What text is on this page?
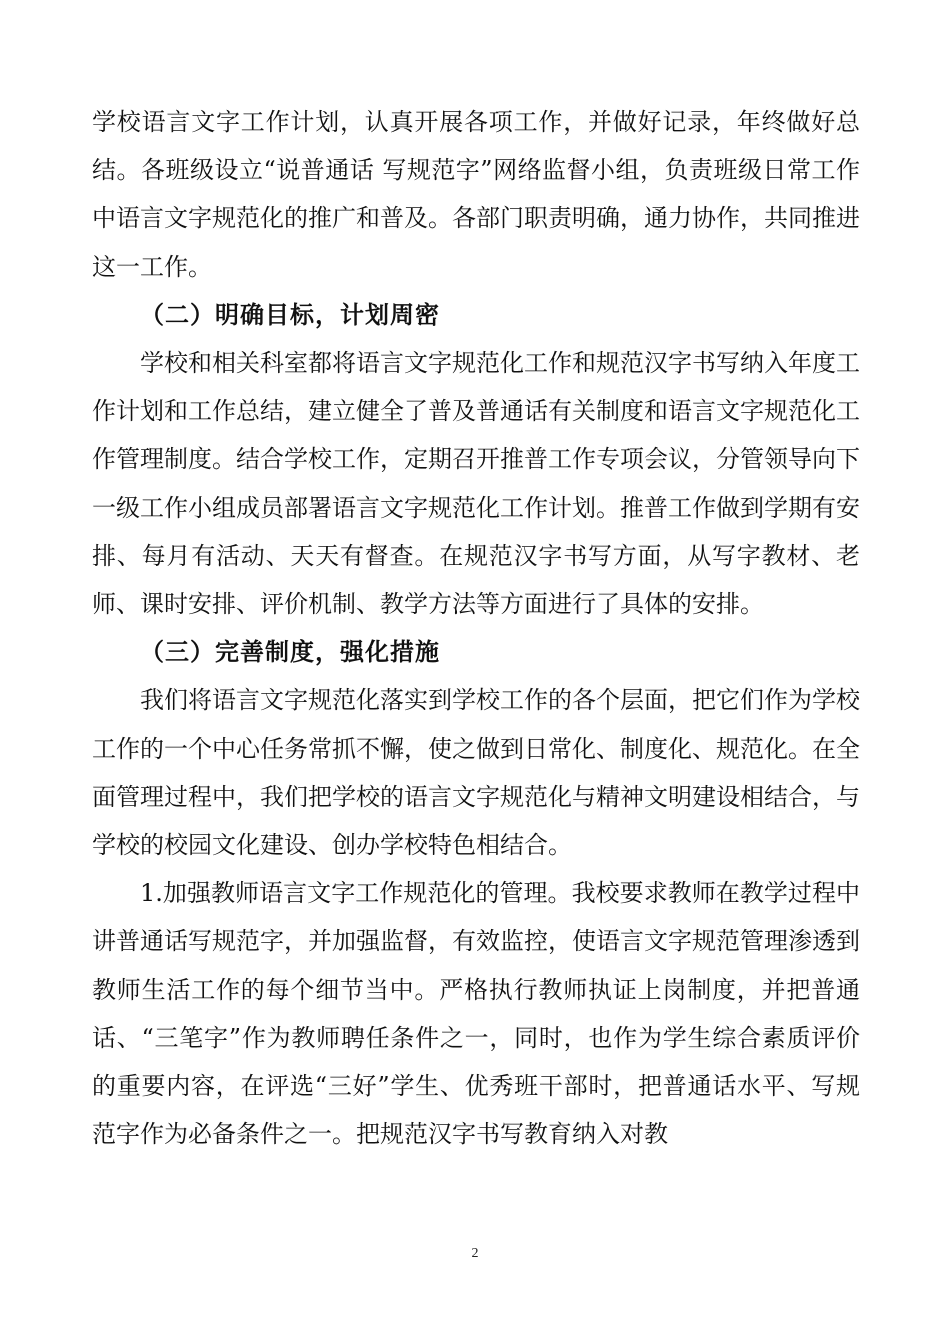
学校语言文字工作计划，认真开展各项工作，并做好记录，年终做好总结。各班级设立“说普通话 写规范字”网络监督小组，负责班级日常工作中语言文字规范化的推广和普及。各部门职责明确，通力协作，共同推进这一工作。

（二）明确目标，计划周密

学校和相关科室都将语言文字规范化工作和规范汉字书写纳入年度工作计划和工作总结，建立健全了普及普通话有关制度和语言文字规范化工作管理制度。结合学校工作，定期召开推普工作专项会议，分管领导向下一级工作小组成员部署语言文字规范化工作计划。推普工作做到学期有安排、每月有活动、天天有督查。在规范汉字书写方面，从写字教材、老师、课时安排、评价机制、教学方法等方面进行了具体的安排。

（三）完善制度，强化措施

我们将语言文字规范化落实到学校工作的各个层面，把它们作为学校工作的一个中心任务常抓不懈，使之做到日常化、制度化、规范化。在全面管理过程中，我们把学校的语言文字规范化与精神文明建设相结合，与学校的校园文化建设、创办学校特色相结合。

1.加强教师语言文字工作规范化的管理。我校要求教师在教学过程中讲普通话写规范字，并加强监督，有效监控，使语言文字规范管理渗透到教师生活工作的每个细节当中。严格执行教师执证上岗制度，并把普通话、“三笔字”作为教师聘任条件之一，同时，也作为学生综合素质评价的重要内容，在评选“三好”学生、优秀班干部时，把普通话水平、写规范字作为必备条件之一。把规范汉字书写教育纳入对教

2
